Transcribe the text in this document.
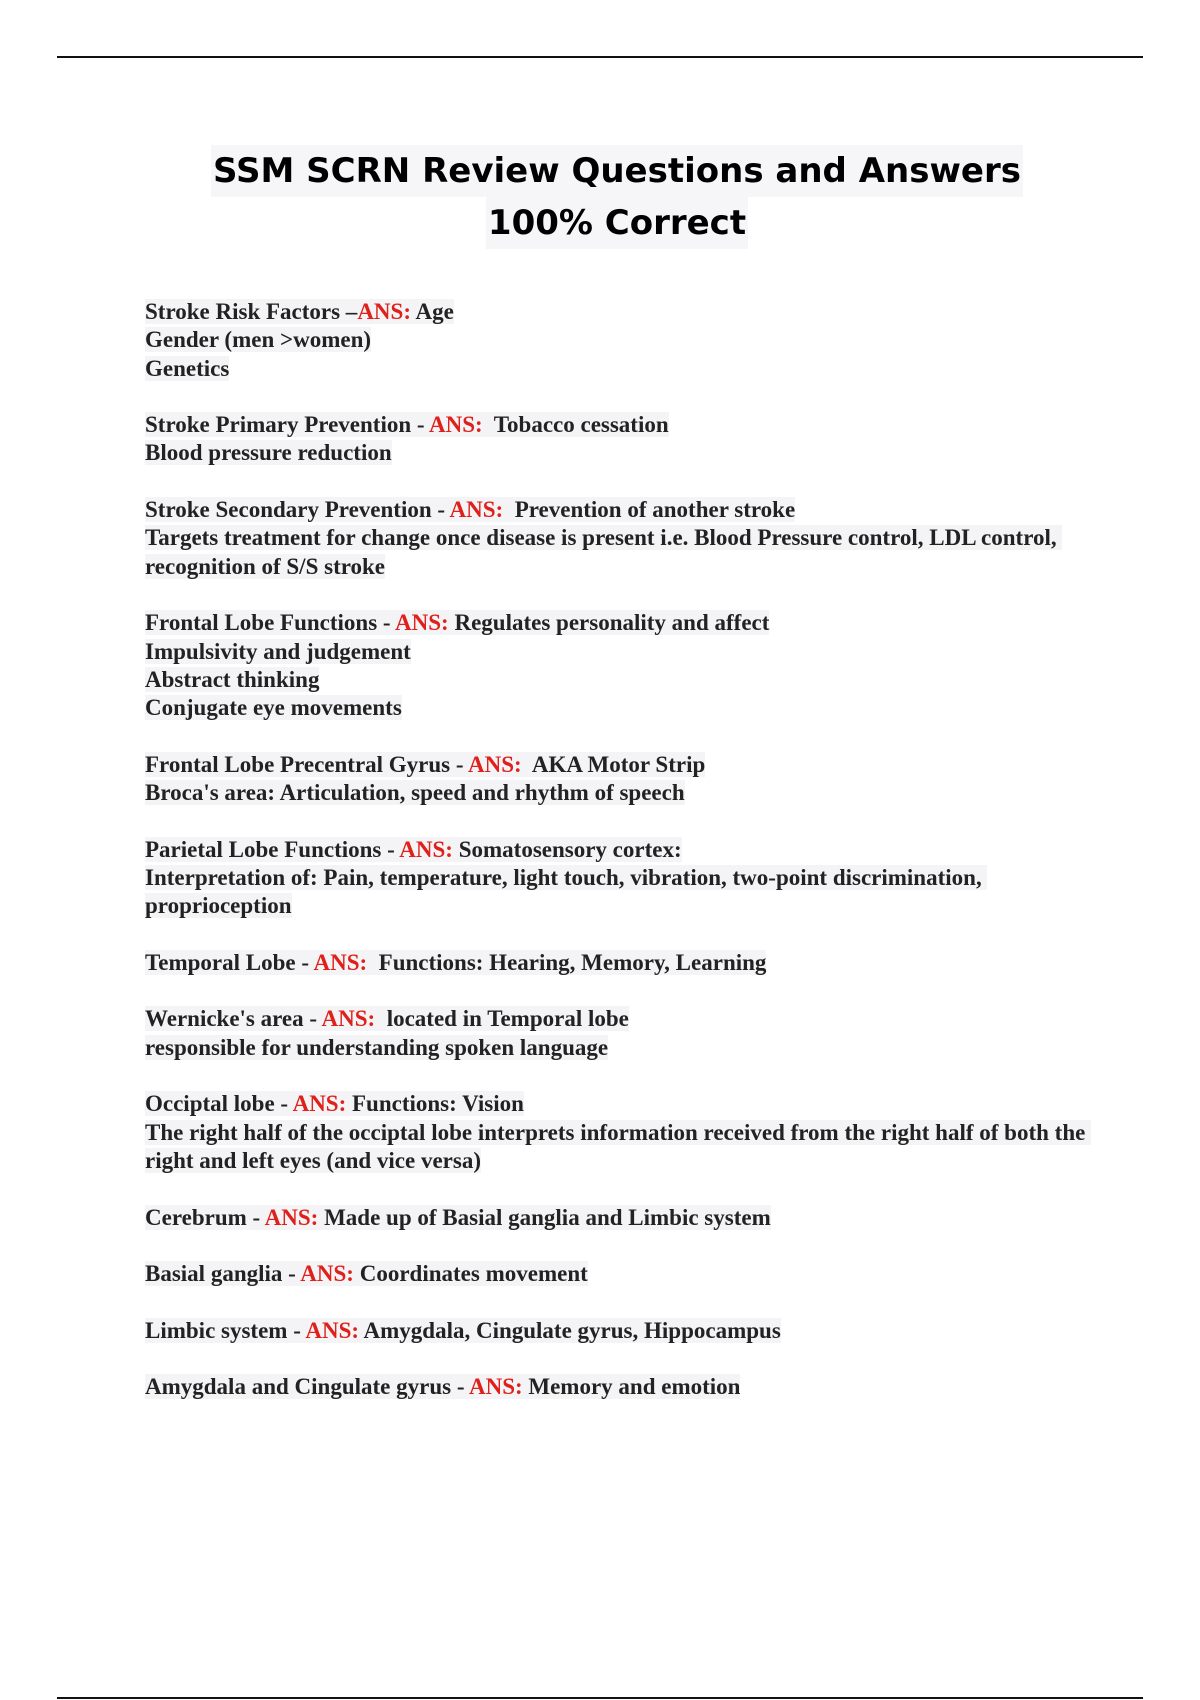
SSM SCRN Review Questions and Answers
100% Correct
Stroke Risk Factors –ANS: Age
Gender (men >women)
Genetics
Stroke Primary Prevention - ANS:  Tobacco cessation
Blood pressure reduction
Stroke Secondary Prevention - ANS:  Prevention of another stroke
Targets treatment for change once disease is present i.e. Blood Pressure control, LDL control, recognition of S/S stroke
Frontal Lobe Functions - ANS: Regulates personality and affect
Impulsivity and judgement
Abstract thinking
Conjugate eye movements
Frontal Lobe Precentral Gyrus - ANS:  AKA Motor Strip
Broca's area: Articulation, speed and rhythm of speech
Parietal Lobe Functions - ANS: Somatosensory cortex:
Interpretation of: Pain, temperature, light touch, vibration, two-point discrimination, proprioception
Temporal Lobe - ANS:  Functions: Hearing, Memory, Learning
Wernicke's area - ANS:  located in Temporal lobe
responsible for understanding spoken language
Occiptal lobe - ANS: Functions: Vision
The right half of the occiptal lobe interprets information received from the right half of both the right and left eyes (and vice versa)
Cerebrum - ANS: Made up of Basial ganglia and Limbic system
Basial ganglia - ANS: Coordinates movement
Limbic system - ANS: Amygdala, Cingulate gyrus, Hippocampus
Amygdala and Cingulate gyrus - ANS: Memory and emotion
